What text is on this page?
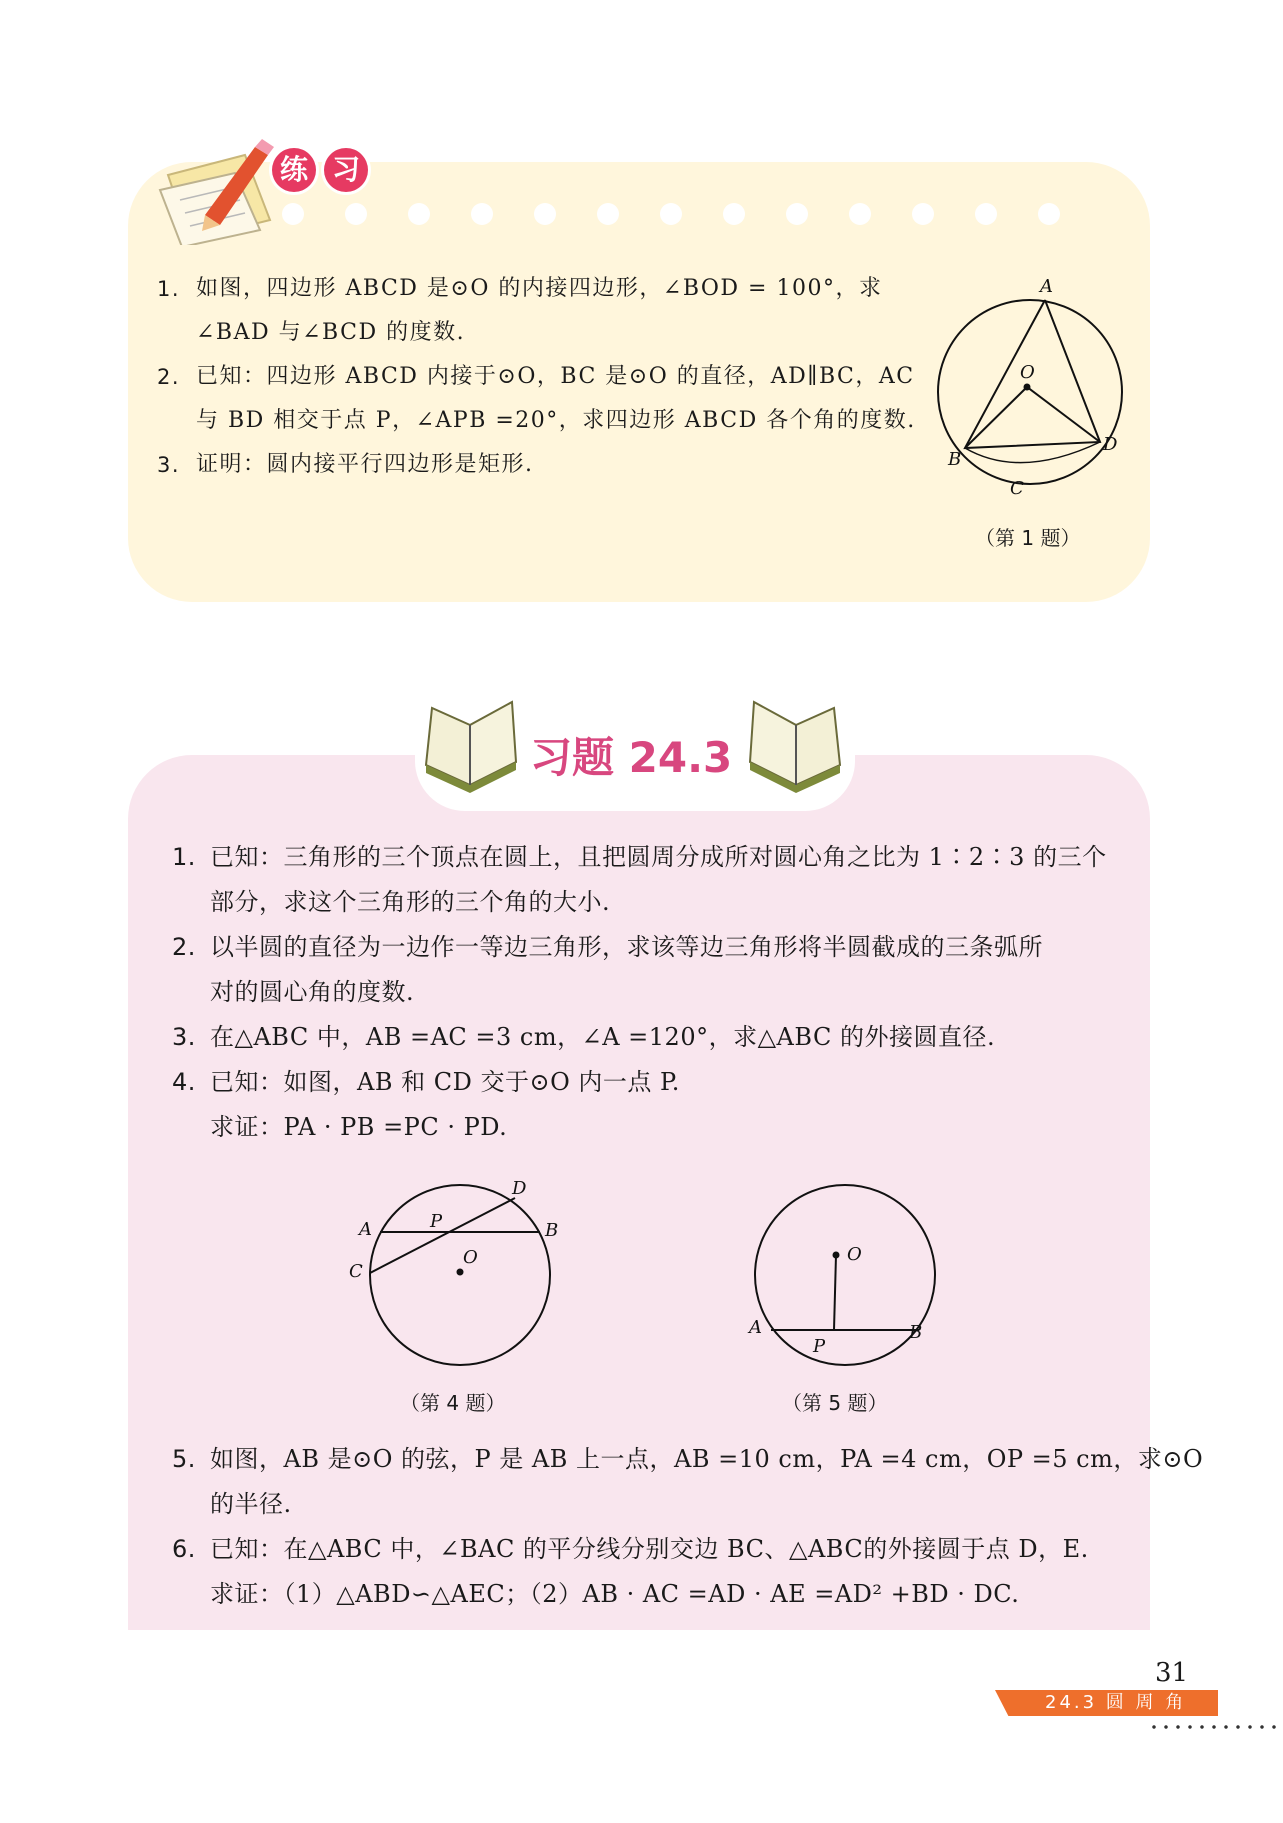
练 习
1. 如图，四边形 ABCD 是⊙O 的内接四边形，∠BOD = 100°，求
∠BAD 与∠BCD 的度数.
2. 已知：四边形 ABCD 内接于⊙O，BC 是⊙O 的直径，AD∥BC，AC
与 BD 相交于点 P，∠APB =20°，求四边形 ABCD 各个角的度数.
3. 证明：圆内接平行四边形是矩形.
A
O
B
D
C
（第 1 题）
习题 24.3
1. 已知：三角形的三个顶点在圆上，且把圆周分成所对圆心角之比为 1∶2∶3 的三个
部分，求这个三角形的三个角的大小.
2. 以半圆的直径为一边作一等边三角形，求该等边三角形将半圆截成的三条弧所
对的圆心角的度数.
3. 在△ABC 中，AB =AC =3 cm，∠A =120°，求△ABC 的外接圆直径.
4. 已知：如图，AB 和 CD 交于⊙O 内一点 P.
求证：PA · PB =PC · PD.
D
A	P	B
C
O
（第 4 题）
O
A
P
B
（第 5 题）
5. 如图，AB 是⊙O 的弦，P 是 AB 上一点，AB =10 cm，PA =4 cm，OP =5 cm，求⊙O
的半径.
6. 已知：在△ABC 中，∠BAC 的平分线分别交边 BC、△ABC的外接圆于点 D，E.
求证：（1）△ABD∽△AEC；（2）AB · AC =AD · AE =AD² +BD · DC.
31
24.3 圆 周 角
